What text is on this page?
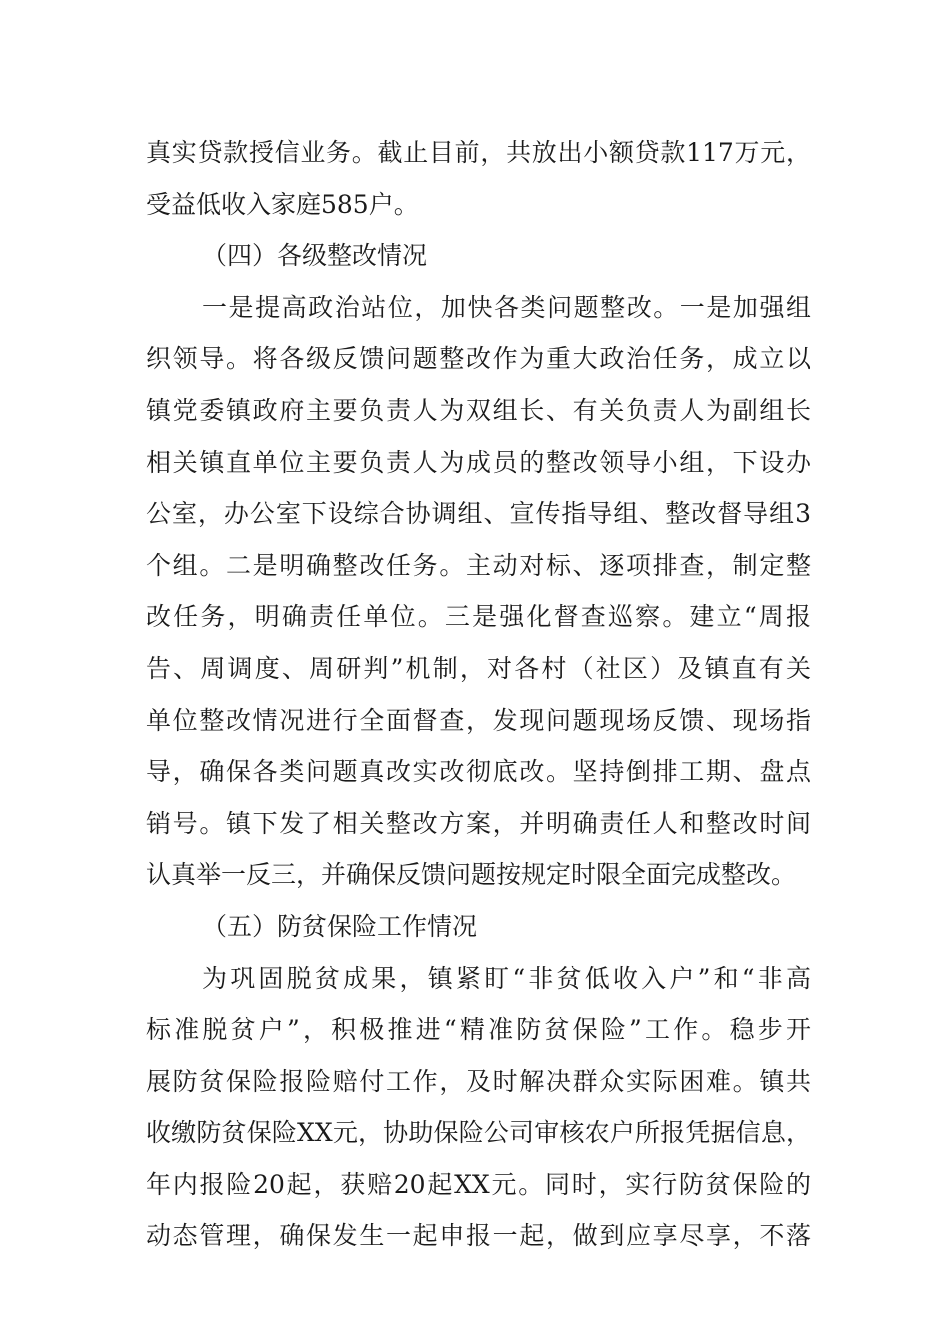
真实贷款授信业务。截止目前，共放出小额贷款117万元，
受益低收入家庭585户。
（四）各级整改情况
一是提高政治站位，加快各类问题整改。一是加强组
织领导。将各级反馈问题整改作为重大政治任务，成立以
镇党委镇政府主要负责人为双组长、有关负责人为副组长
相关镇直单位主要负责人为成员的整改领导小组，下设办
公室，办公室下设综合协调组、宣传指导组、整改督导组3
个组。二是明确整改任务。主动对标、逐项排查，制定整
改任务，明确责任单位。三是强化督查巡察。建立“周报
告、周调度、周研判”机制，对各村（社区）及镇直有关
单位整改情况进行全面督查，发现问题现场反馈、现场指
导，确保各类问题真改实改彻底改。坚持倒排工期、盘点
销号。镇下发了相关整改方案，并明确责任人和整改时间
认真举一反三，并确保反馈问题按规定时限全面完成整改。
（五）防贫保险工作情况
为巩固脱贫成果，镇紧盯“非贫低收入户”和“非高
标准脱贫户”，积极推进“精准防贫保险”工作。稳步开
展防贫保险报险赔付工作，及时解决群众实际困难。镇共
收缴防贫保险XX元，协助保险公司审核农户所报凭据信息，
年内报险20起，获赔20起XX元。同时，实行防贫保险的
动态管理，确保发生一起申报一起，做到应享尽享，不落
